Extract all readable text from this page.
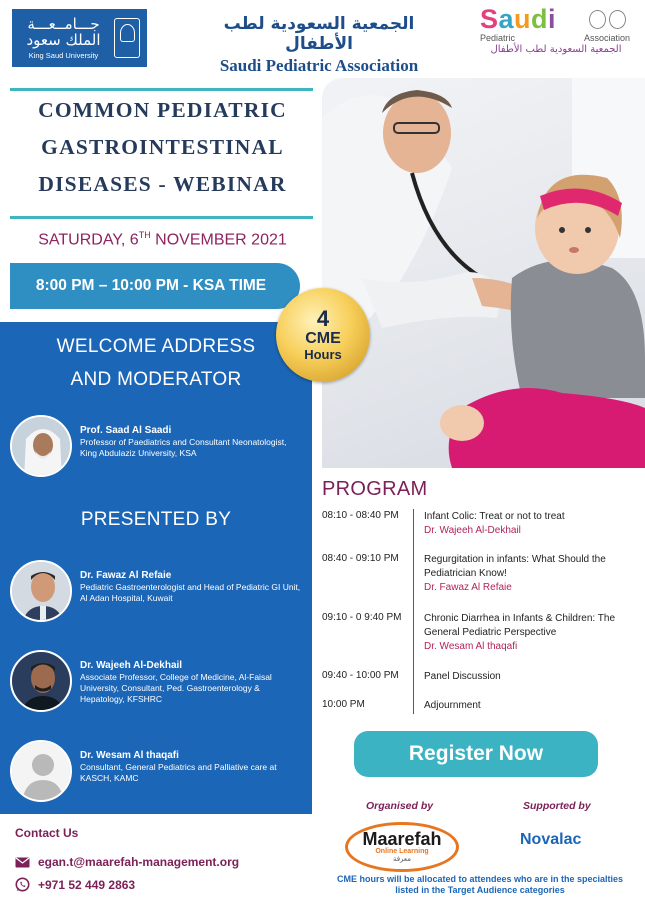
جـــامــعـــة الملك سعود
King Saud University
الجمعية السعودية لطب الأطفال
Saudi Pediatric Association
Saudi
Pediatric	Association
الجمعية السعودية لطب الأطفال
COMMON PEDIATRIC
GASTROINTESTINAL
DISEASES - WEBINAR
SATURDAY, 6TH NOVEMBER 2021
8:00 PM – 10:00 PM - KSA TIME
WELCOME ADDRESS
AND MODERATOR
Prof. Saad Al Saadi
Professor of Paediatrics and Consultant Neonatologist, King Abdulaziz University, KSA
PRESENTED BY
Dr. Fawaz Al Refaie
Pediatric Gastroenterologist and Head of Pediatric GI Unit, Al Adan Hospital, Kuwait
Dr. Wajeeh Al-Dekhail
Associate Professor, College of Medicine, Al-Faisal University, Consultant, Ped. Gastroenterology & Hepatology, KFSHRC
Dr. Wesam Al thaqafi
Consultant, General Pediatrics and Palliative care at KASCH, KAMC
4
CME
Hours
Contact Us
egan.t@maarefah-management.org
+971 52 449 2863
PROGRAM
08:10 - 08:40 PM	Infant Colic: Treat or not to treat
Dr. Wajeeh Al-Dekhail
08:40 - 09:10 PM	Regurgitation in infants: What Should the Pediatrician Know!
Dr. Fawaz Al Refaie
09:10 - 0 9:40 PM	Chronic Diarrhea in Infants & Children: The General Pediatric Perspective
Dr. Wesam Al thaqafi
09:40 - 10:00 PM	Panel Discussion
10:00 PM	Adjournment
Register Now
Organised by	Supported by
Maarefah
Online Learning
معرفة
Novalac
CME hours will be allocated to attendees who are in the specialties listed in the Target Audience categories
